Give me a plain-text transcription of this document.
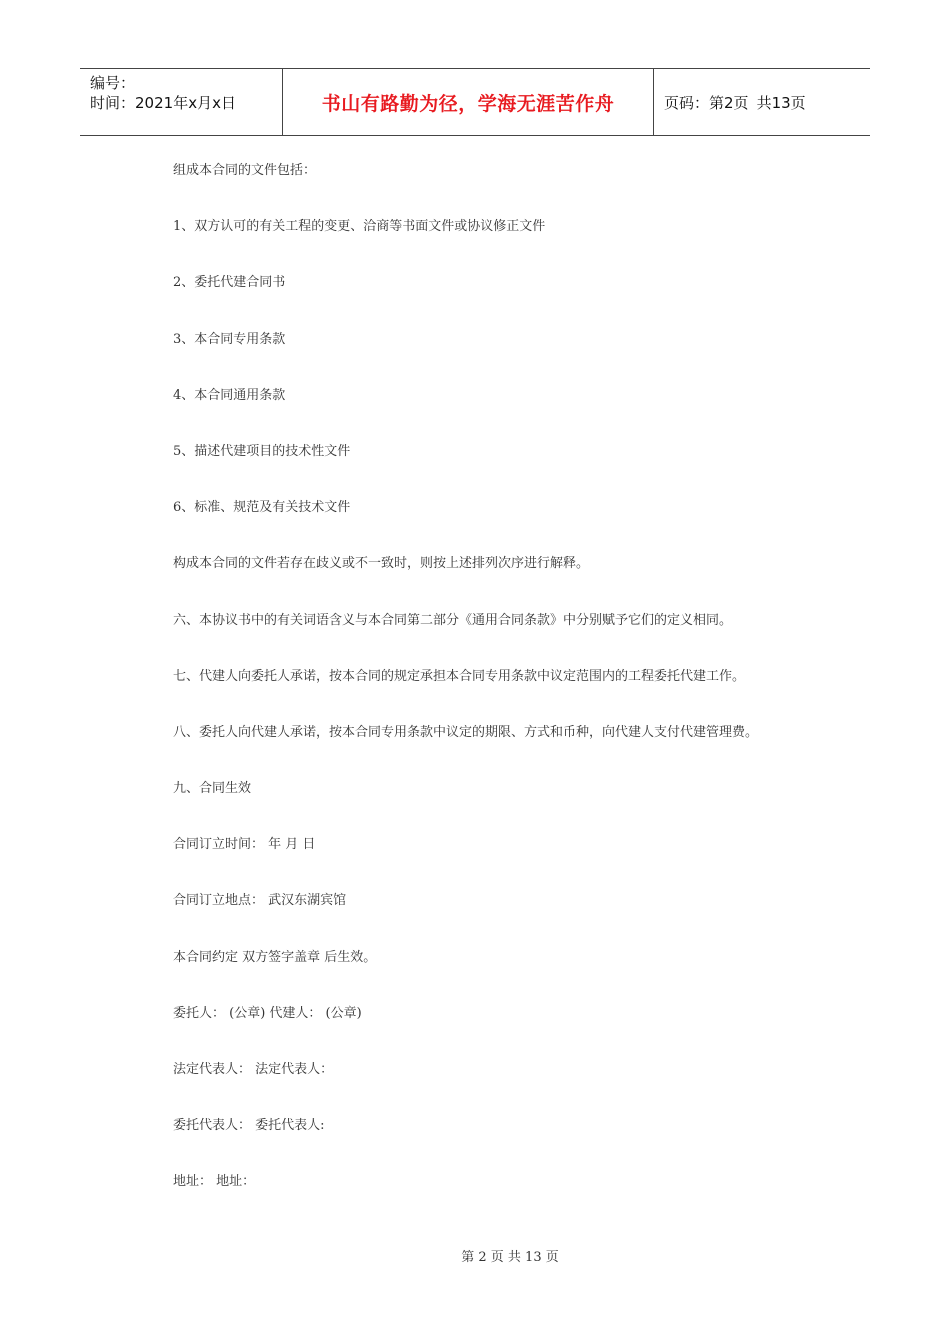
编号：
时间：2021年x月x日	书山有路勤为径，学海无涯苦作舟	页码： 第2页 共13页
组成本合同的文件包括：
1、双方认可的有关工程的变更、洽商等书面文件或协议修正文件
2、委托代建合同书
3、本合同专用条款
4、本合同通用条款
5、描述代建项目的技术性文件
6、标准、规范及有关技术文件
构成本合同的文件若存在歧义或不一致时，则按上述排列次序进行解释。
六、本协议书中的有关词语含义与本合同第二部分《通用合同条款》中分别赋予它们的定义相同。
七、代建人向委托人承诺，按本合同的规定承担本合同专用条款中议定范围内的工程委托代建工作。
八、委托人向代建人承诺，按本合同专用条款中议定的期限、方式和币种，向代建人支付代建管理费。
九、合同生效
合同订立时间： 年 月 日
合同订立地点： 武汉东湖宾馆
本合同约定 双方签字盖章 后生效。
委托人： (公章) 代建人： (公章)
法定代表人： 法定代表人：
委托代表人： 委托代表人:
地址： 地址：
第 2 页 共 13 页
